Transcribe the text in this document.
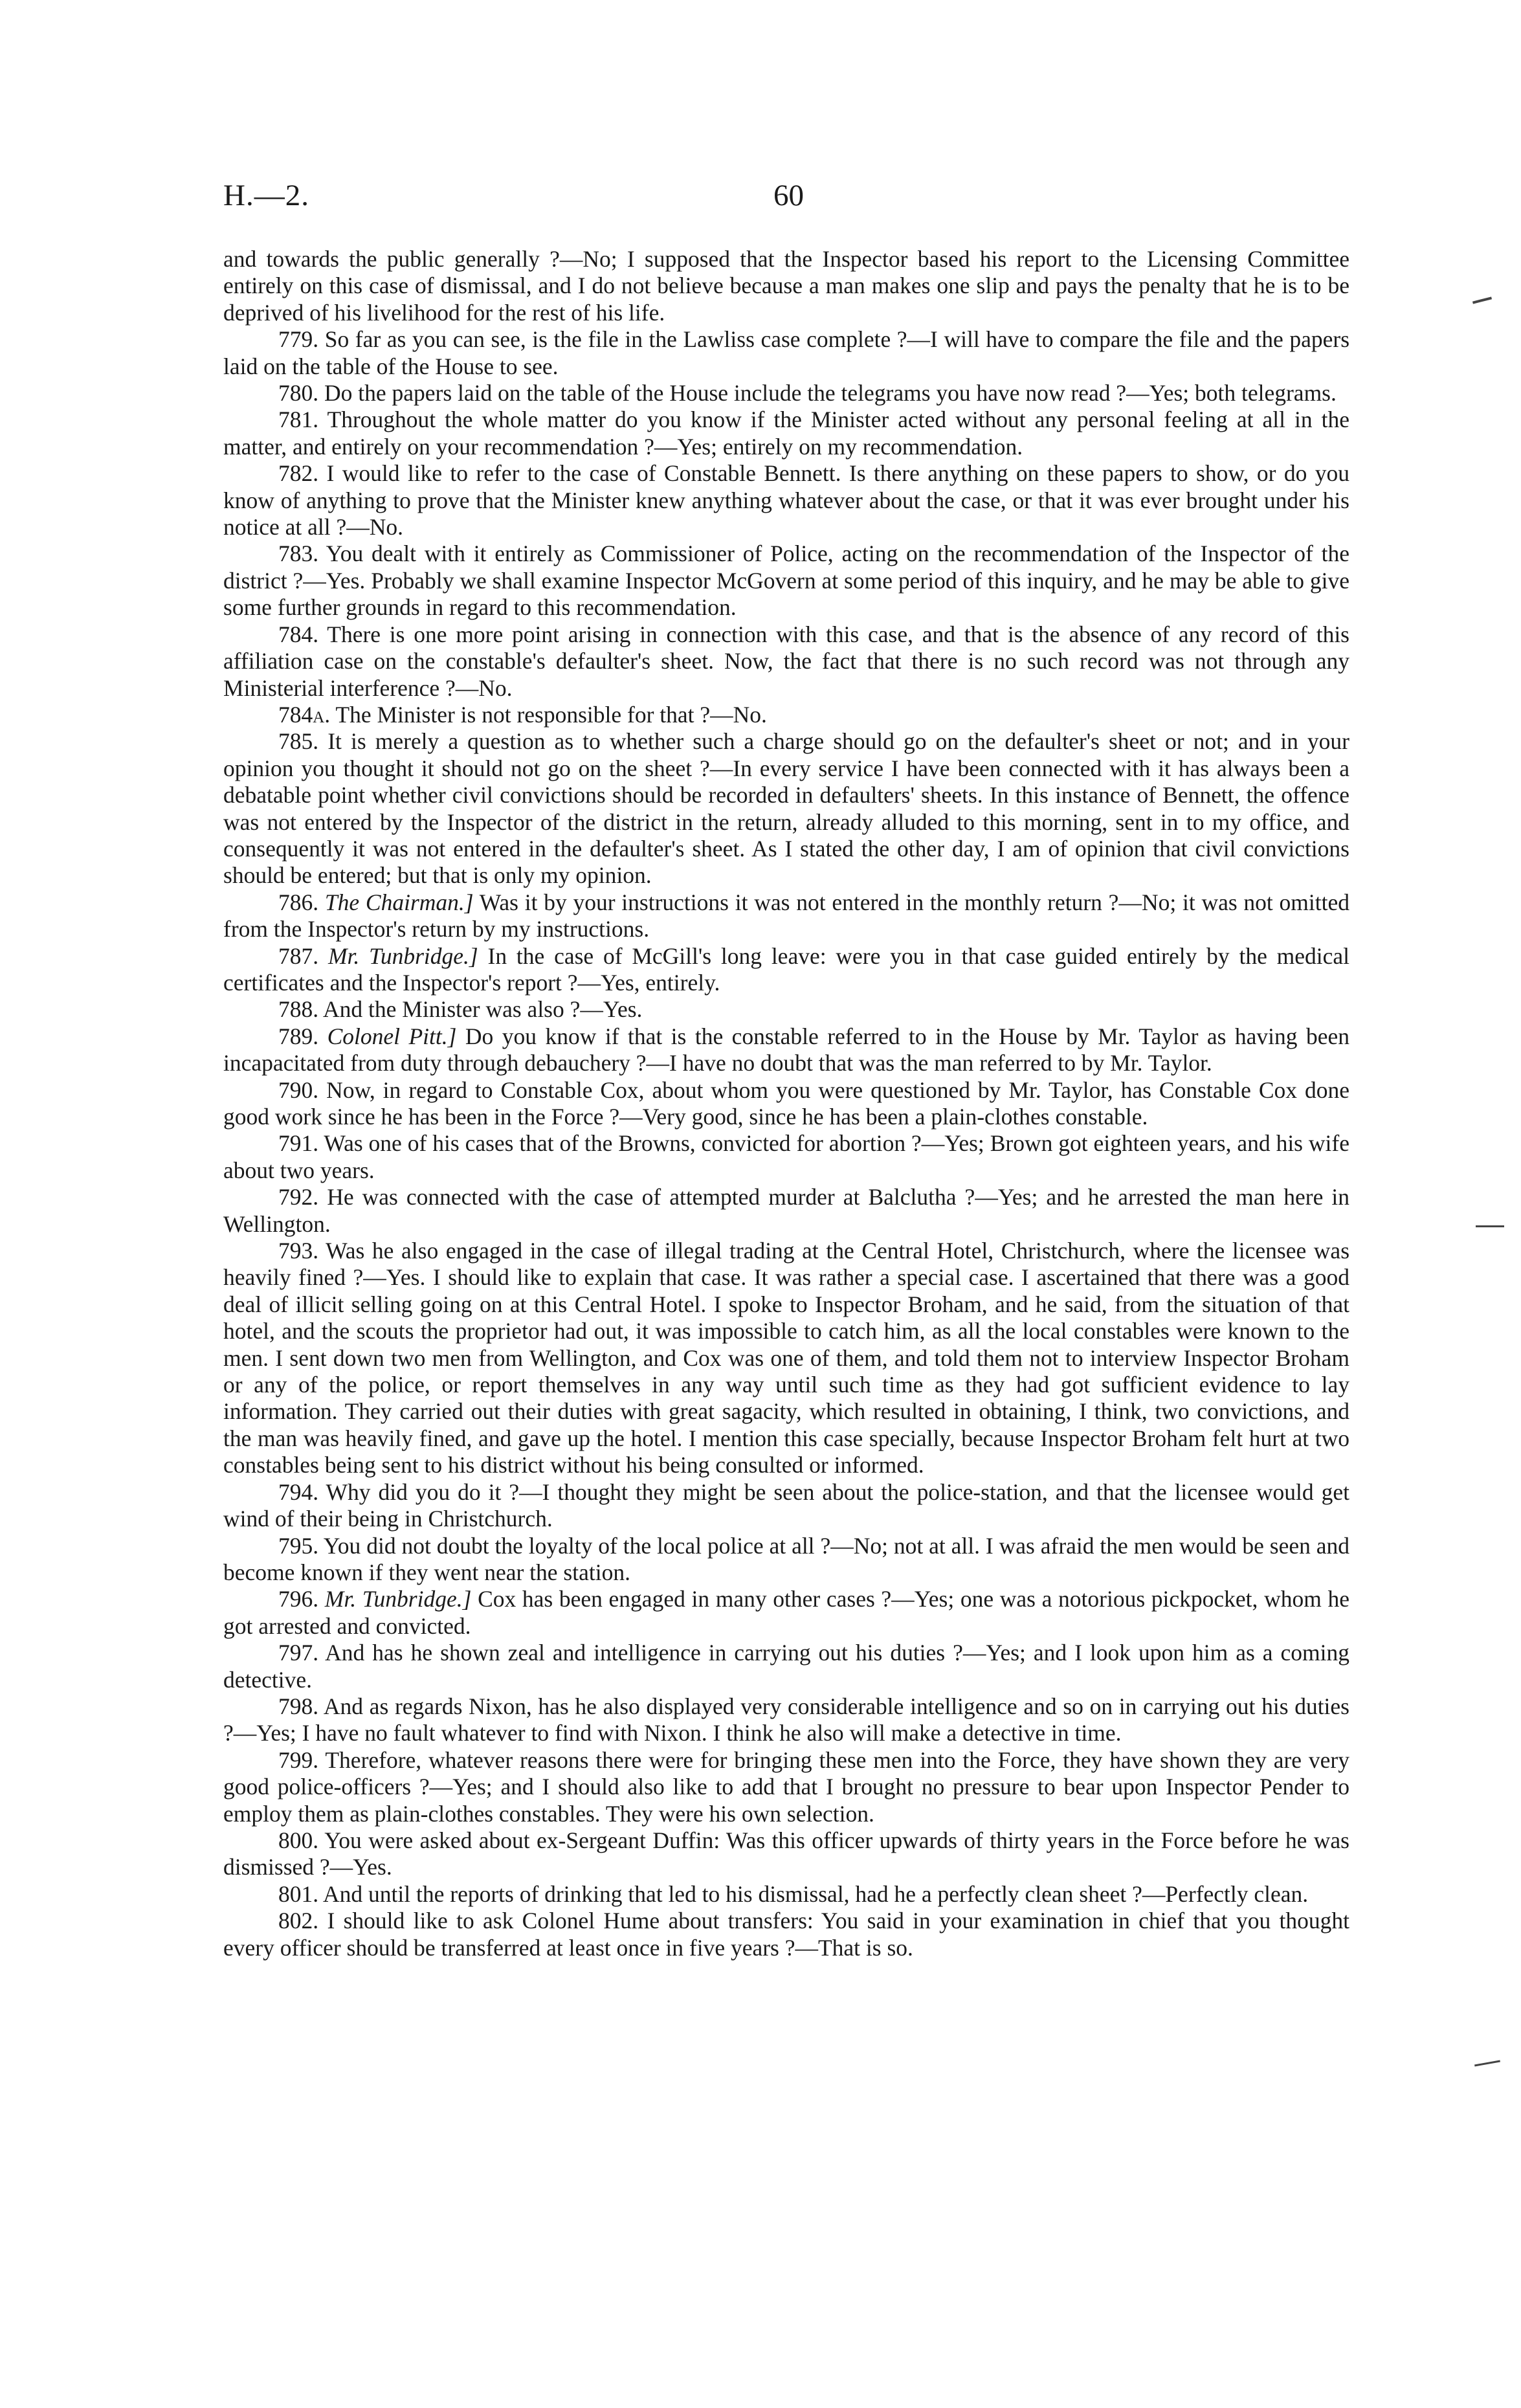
H.—2.	60

and towards the public generally ?—No; I supposed that the Inspector based his report to the Licensing Committee entirely on this case of dismissal, and I do not believe because a man makes one slip and pays the penalty that he is to be deprived of his livelihood for the rest of his life.

779. So far as you can see, is the file in the Lawliss case complete ?—I will have to compare the file and the papers laid on the table of the House to see.

780. Do the papers laid on the table of the House include the telegrams you have now read ?—Yes; both telegrams.

781. Throughout the whole matter do you know if the Minister acted without any personal feeling at all in the matter, and entirely on your recommendation ?—Yes; entirely on my recommendation.

782. I would like to refer to the case of Constable Bennett. Is there anything on these papers to show, or do you know of anything to prove that the Minister knew anything whatever about the case, or that it was ever brought under his notice at all ?—No.

783. You dealt with it entirely as Commissioner of Police, acting on the recommendation of the Inspector of the district ?—Yes. Probably we shall examine Inspector McGovern at some period of this inquiry, and he may be able to give some further grounds in regard to this recommendation.

784. There is one more point arising in connection with this case, and that is the absence of any record of this affiliation case on the constable's defaulter's sheet. Now, the fact that there is no such record was not through any Ministerial interference ?—No.

784a. The Minister is not responsible for that ?—No.

785. It is merely a question as to whether such a charge should go on the defaulter's sheet or not; and in your opinion you thought it should not go on the sheet ?—In every service I have been connected with it has always been a debatable point whether civil convictions should be recorded in defaulters' sheets. In this instance of Bennett, the offence was not entered by the Inspector of the district in the return, already alluded to this morning, sent in to my office, and consequently it was not entered in the defaulter's sheet. As I stated the other day, I am of opinion that civil convictions should be entered; but that is only my opinion.

786. The Chairman.] Was it by your instructions it was not entered in the monthly return ?—No; it was not omitted from the Inspector's return by my instructions.

787. Mr. Tunbridge.] In the case of McGill's long leave: were you in that case guided entirely by the medical certificates and the Inspector's report ?—Yes, entirely.

788. And the Minister was also ?—Yes.

789. Colonel Pitt.] Do you know if that is the constable referred to in the House by Mr. Taylor as having been incapacitated from duty through debauchery ?—I have no doubt that was the man referred to by Mr. Taylor.

790. Now, in regard to Constable Cox, about whom you were questioned by Mr. Taylor, has Constable Cox done good work since he has been in the Force ?—Very good, since he has been a plain-clothes constable.

791. Was one of his cases that of the Browns, convicted for abortion ?—Yes; Brown got eighteen years, and his wife about two years.

792. He was connected with the case of attempted murder at Balclutha ?—Yes; and he arrested the man here in Wellington.

793. Was he also engaged in the case of illegal trading at the Central Hotel, Christchurch, where the licensee was heavily fined ?—Yes. I should like to explain that case. It was rather a special case. I ascertained that there was a good deal of illicit selling going on at this Central Hotel. I spoke to Inspector Broham, and he said, from the situation of that hotel, and the scouts the proprietor had out, it was impossible to catch him, as all the local constables were known to the men. I sent down two men from Wellington, and Cox was one of them, and told them not to interview Inspector Broham or any of the police, or report themselves in any way until such time as they had got sufficient evidence to lay information. They carried out their duties with great sagacity, which resulted in obtaining, I think, two convictions, and the man was heavily fined, and gave up the hotel. I mention this case specially, because Inspector Broham felt hurt at two constables being sent to his district without his being consulted or informed.

794. Why did you do it ?—I thought they might be seen about the police-station, and that the licensee would get wind of their being in Christchurch.

795. You did not doubt the loyalty of the local police at all ?—No; not at all. I was afraid the men would be seen and become known if they went near the station.

796. Mr. Tunbridge.] Cox has been engaged in many other cases ?—Yes; one was a notorious pickpocket, whom he got arrested and convicted.

797. And has he shown zeal and intelligence in carrying out his duties ?—Yes; and I look upon him as a coming detective.

798. And as regards Nixon, has he also displayed very considerable intelligence and so on in carrying out his duties ?—Yes; I have no fault whatever to find with Nixon. I think he also will make a detective in time.

799. Therefore, whatever reasons there were for bringing these men into the Force, they have shown they are very good police-officers ?—Yes; and I should also like to add that I brought no pressure to bear upon Inspector Pender to employ them as plain-clothes constables. They were his own selection.

800. You were asked about ex-Sergeant Duffin: Was this officer upwards of thirty years in the Force before he was dismissed ?—Yes.

801. And until the reports of drinking that led to his dismissal, had he a perfectly clean sheet ?—Perfectly clean.

802. I should like to ask Colonel Hume about transfers: You said in your examination in chief that you thought every officer should be transferred at least once in five years ?—That is so.
